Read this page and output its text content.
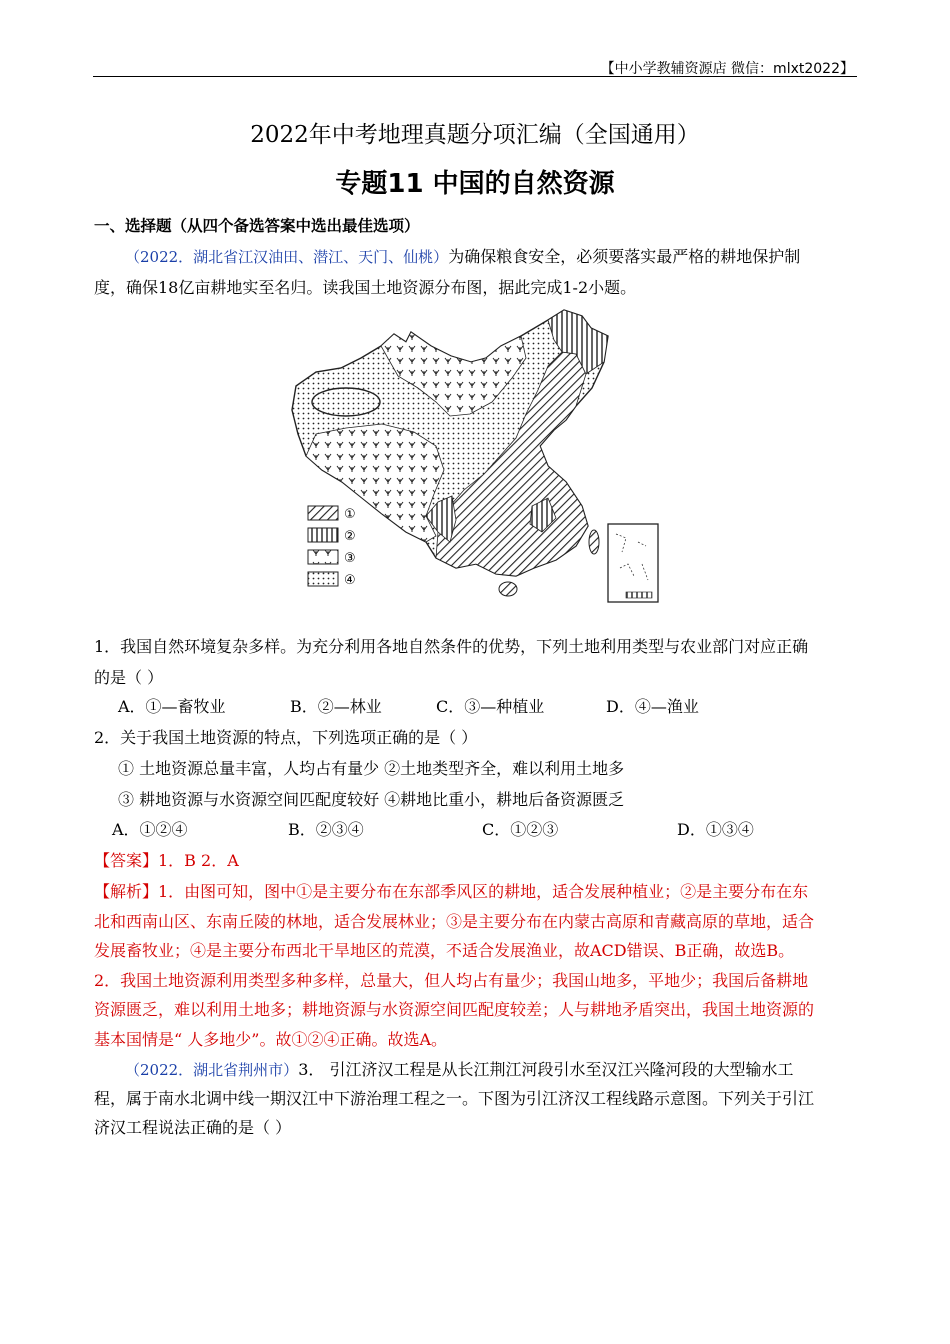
【中小学教辅资源店 微信：mlxt2022】
2022年中考地理真题分项汇编（全国通用）
专题11 中国的自然资源
一、选择题（从四个备选答案中选出最佳选项）
（2022．湖北省江汉油田、潜江、天门、仙桃）为确保粮食安全，必须要落实最严格的耕地保护制
度，确保18亿亩耕地实至名归。读我国土地资源分布图，据此完成1-2小题。
①
②
③
④
1．我国自然环境复杂多样。为充分利用各地自然条件的优势，下列土地利用类型与农业部门对应正确
的是（ ）
A．①—畜牧业	B．②—林业	C．③—种植业	D．④—渔业
2．关于我国土地资源的特点，下列选项正确的是（ ）
① 土地资源总量丰富，人均占有量少 ②土地类型齐全，难以利用土地多
③ 耕地资源与水资源空间匹配度较好 ④耕地比重小，耕地后备资源匮乏
A．①②④	B．②③④	C．①②③	D．①③④
【答案】1．B 2．A
【解析】1．由图可知，图中①是主要分布在东部季风区的耕地，适合发展种植业；②是主要分布在东
北和西南山区、东南丘陵的林地，适合发展林业；③是主要分布在内蒙古高原和青藏高原的草地，适合
发展畜牧业；④是主要分布西北干旱地区的荒漠，不适合发展渔业，故ACD错误、B正确，故选B。
2．我国土地资源利用类型多种多样，总量大，但人均占有量少；我国山地多，平地少；我国后备耕地
资源匮乏，难以利用土地多；耕地资源与水资源空间匹配度较差；人与耕地矛盾突出，我国土地资源的
基本国情是“ 人多地少”。故①②④正确。故选A。
（2022．湖北省荆州市）3． 引江济汉工程是从长江荆江河段引水至汉江兴隆河段的大型输水工
程，属于南水北调中线一期汉江中下游治理工程之一。下图为引江济汉工程线路示意图。下列关于引江
济汉工程说法正确的是（ ）
